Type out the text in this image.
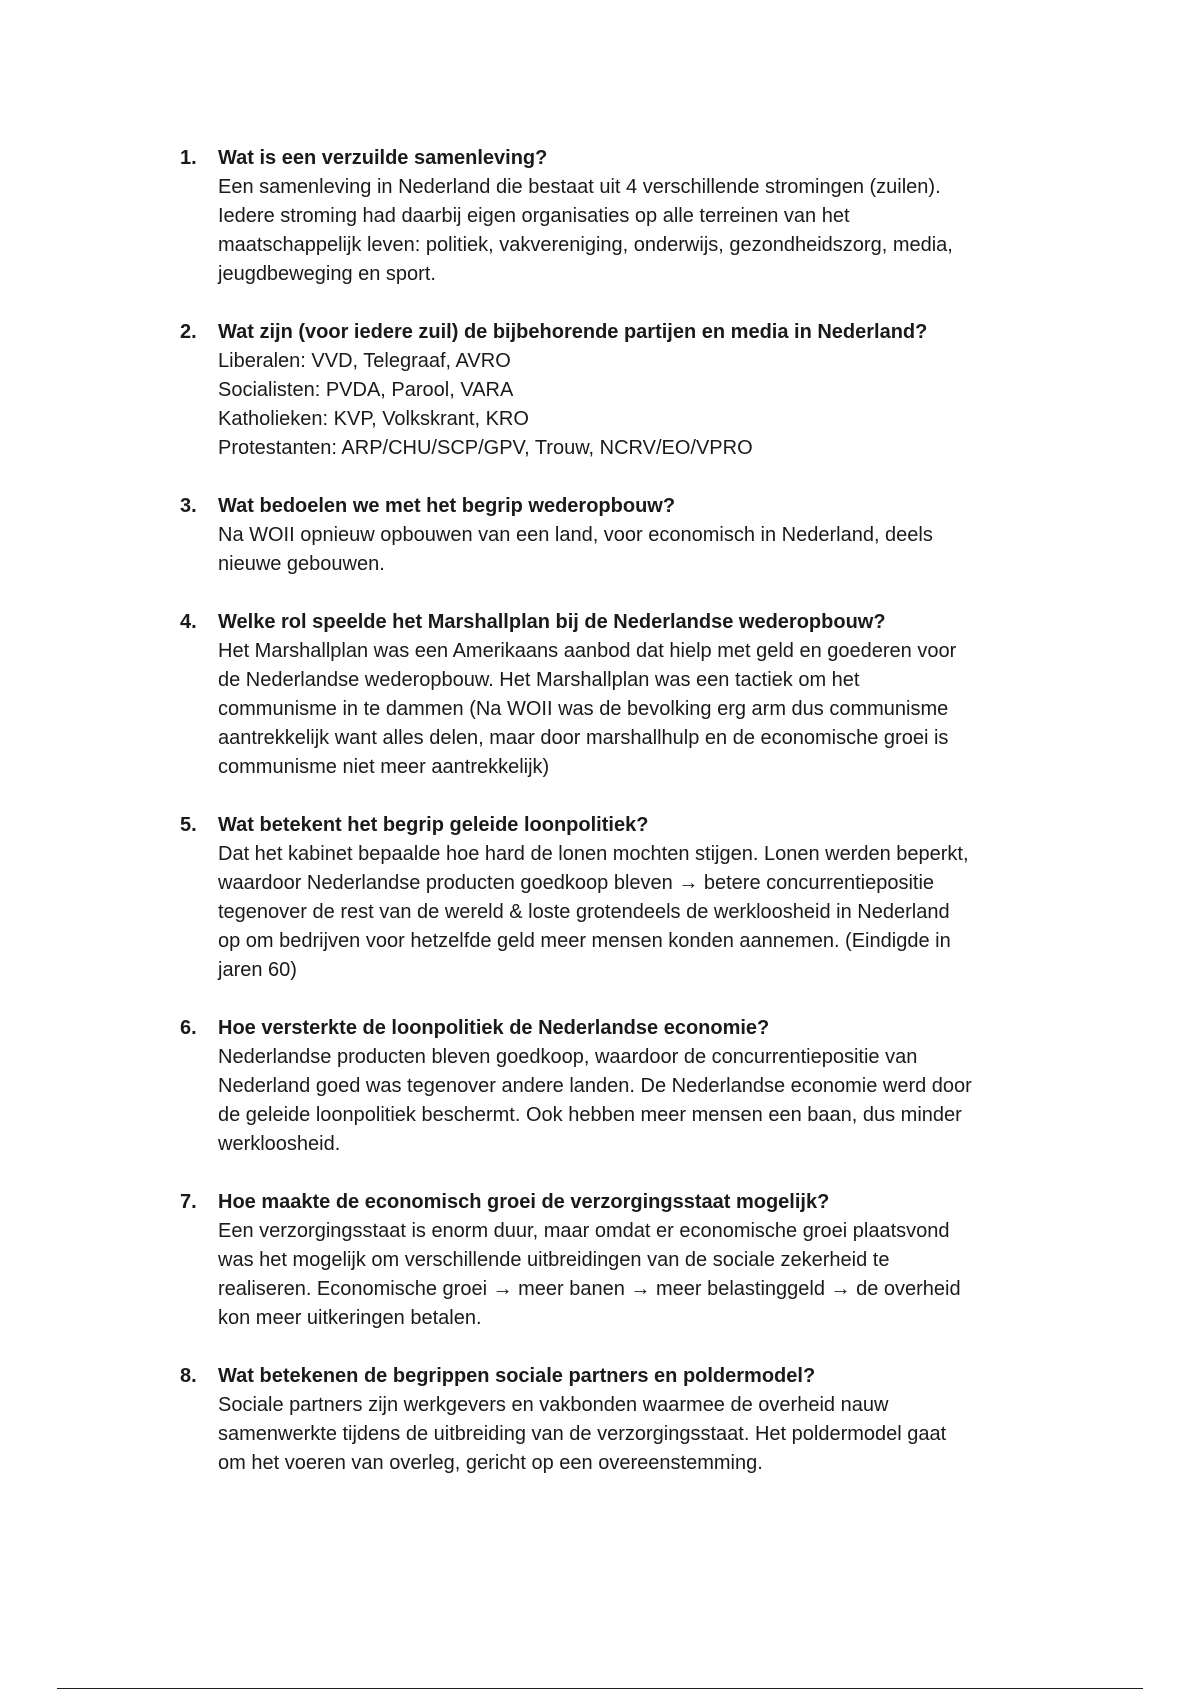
1. Wat is een verzuilde samenleving?

Een samenleving in Nederland die bestaat uit 4 verschillende stromingen (zuilen).
Iedere stroming had daarbij eigen organisaties op alle terreinen van het
maatschappelijk leven: politiek, vakvereniging, onderwijs, gezondheidszorg, media,
jeugdbeweging en sport.

2. Wat zijn (voor iedere zuil) de bijbehorende partijen en media in Nederland?

Liberalen: VVD, Telegraaf, AVRO
Socialisten: PVDA, Parool, VARA
Katholieken: KVP, Volkskrant, KRO
Protestanten: ARP/CHU/SCP/GPV, Trouw, NCRV/EO/VPRO

3. Wat bedoelen we met het begrip wederopbouw?

Na WOII opnieuw opbouwen van een land, voor economisch in Nederland, deels
nieuwe gebouwen.

4. Welke rol speelde het Marshallplan bij de Nederlandse wederopbouw?

Het Marshallplan was een Amerikaans aanbod dat hielp met geld en goederen voor
de Nederlandse wederopbouw. Het Marshallplan was een tactiek om het
communisme in te dammen (Na WOII was de bevolking erg arm dus communisme
aantrekkelijk want alles delen, maar door marshallhulp en de economische groei is
communisme niet meer aantrekkelijk)

5. Wat betekent het begrip geleide loonpolitiek?

Dat het kabinet bepaalde hoe hard de lonen mochten stijgen. Lonen werden beperkt,
waardoor Nederlandse producten goedkoop bleven → betere concurrentiepositie
tegenover de rest van de wereld & loste grotendeels de werkloosheid in Nederland
op om bedrijven voor hetzelfde geld meer mensen konden aannemen. (Eindigde in
jaren 60)

6. Hoe versterkte de loonpolitiek de Nederlandse economie?

Nederlandse producten bleven goedkoop, waardoor de concurrentiepositie van
Nederland goed was tegenover andere landen. De Nederlandse economie werd door
de geleide loonpolitiek beschermt. Ook hebben meer mensen een baan, dus minder
werkloosheid.

7. Hoe maakte de economisch groei de verzorgingsstaat mogelijk?

Een verzorgingsstaat is enorm duur, maar omdat er economische groei plaatsvond
was het mogelijk om verschillende uitbreidingen van de sociale zekerheid te
realiseren. Economische groei → meer banen → meer belastinggeld → de overheid
kon meer uitkeringen betalen.

8. Wat betekenen de begrippen sociale partners en poldermodel?

Sociale partners zijn werkgevers en vakbonden waarmee de overheid nauw
samenwerkte tijdens de uitbreiding van de verzorgingsstaat. Het poldermodel gaat
om het voeren van overleg, gericht op een overeenstemming.
